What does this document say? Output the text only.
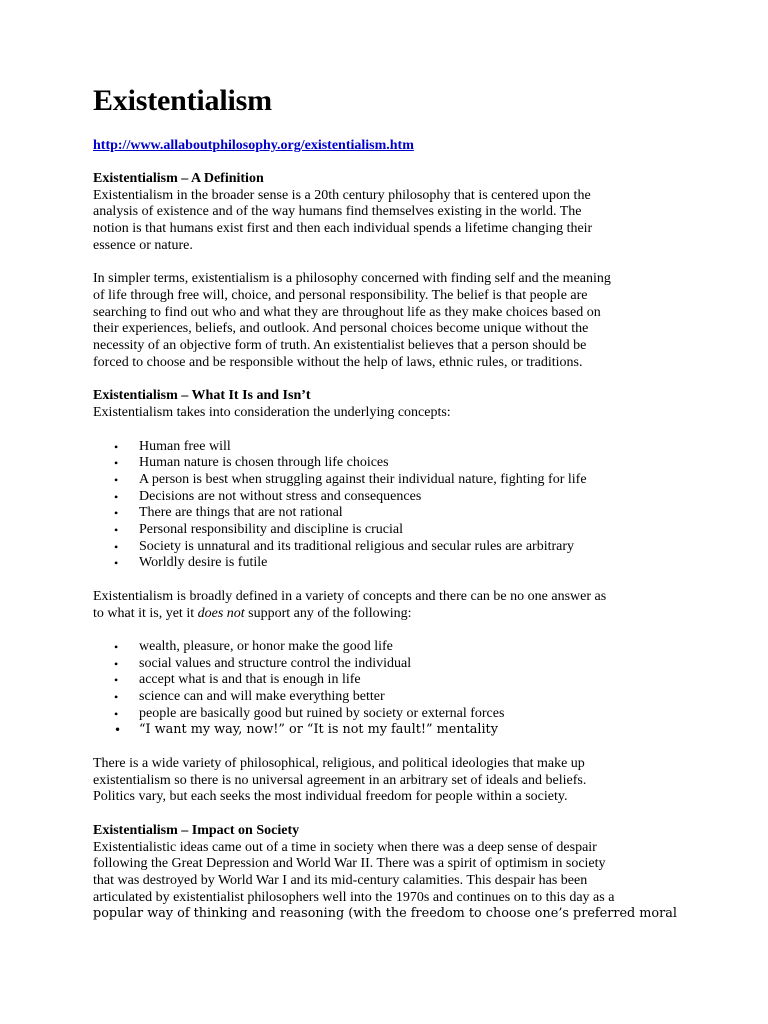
Existentialism
http://www.allaboutphilosophy.org/existentialism.htm
Existentialism – A Definition

Existentialism in the broader sense is a 20th century philosophy that is centered upon the
analysis of existence and of the way humans find themselves existing in the world. The
notion is that humans exist first and then each individual spends a lifetime changing their
essence or nature.

In simpler terms, existentialism is a philosophy concerned with finding self and the meaning
of life through free will, choice, and personal responsibility. The belief is that people are
searching to find out who and what they are throughout life as they make choices based on
their experiences, beliefs, and outlook. And personal choices become unique without the
necessity of an objective form of truth. An existentialist believes that a person should be
forced to choose and be responsible without the help of laws, ethnic rules, or traditions.

Existentialism – What It Is and Isn’t

Existentialism takes into consideration the underlying concepts:

• Human free will
• Human nature is chosen through life choices
• A person is best when struggling against their individual nature, fighting for life
• Decisions are not without stress and consequences
• There are things that are not rational
• Personal responsibility and discipline is crucial
• Society is unnatural and its traditional religious and secular rules are arbitrary
• Worldly desire is futile

Existentialism is broadly defined in a variety of concepts and there can be no one answer as
to what it is, yet it does not support any of the following:

• wealth, pleasure, or honor make the good life
• social values and structure control the individual
• accept what is and that is enough in life
• science can and will make everything better
• people are basically good but ruined by society or external forces
• “I want my way, now!” or “It is not my fault!” mentality

There is a wide variety of philosophical, religious, and political ideologies that make up
existentialism so there is no universal agreement in an arbitrary set of ideals and beliefs.
Politics vary, but each seeks the most individual freedom for people within a society.

Existentialism – Impact on Society

Existentialistic ideas came out of a time in society when there was a deep sense of despair
following the Great Depression and World War II. There was a spirit of optimism in society
that was destroyed by World War I and its mid-century calamities. This despair has been
articulated by existentialist philosophers well into the 1970s and continues on to this day as a
popular way of thinking and reasoning (with the freedom to choose one’s preferred moral
